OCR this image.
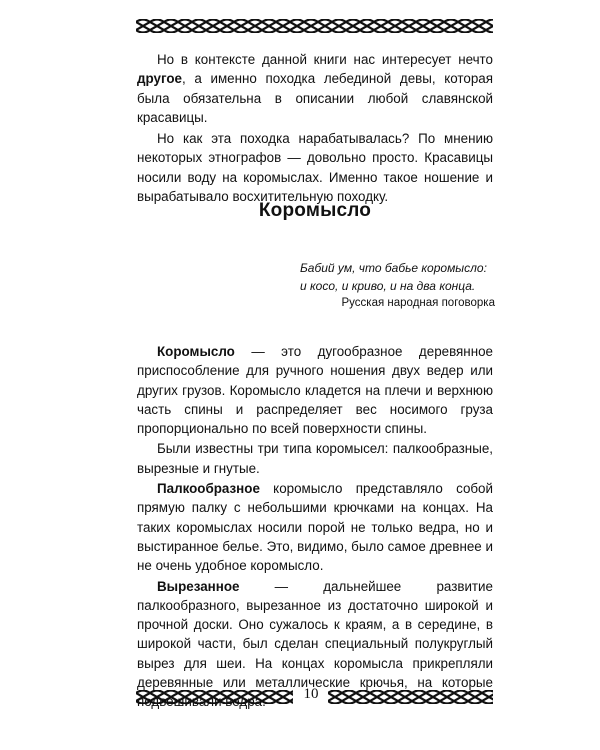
Но в контексте данной книги нас интересует нечто другое, а именно походка лебединой девы, которая была обязательна в описании любой славянской красавицы.

Но как эта походка нарабатывалась? По мнению некоторых этнографов — довольно просто. Красавицы носили воду на коромыслах. Именно такое ношение и вырабатывало восхитительную походку.

Коромысло
Бабий ум, что бабье коромысло:
и косо, и криво, и на два конца.
Русская народная поговорка

Коромысло — это дугообразное деревянное приспособление для ручного ношения двух ведер или других грузов. Коромысло кладется на плечи и верхнюю часть спины и распределяет вес носимого груза пропорционально по всей поверхности спины.

Были известны три типа коромысел: палкообразные, вырезные и гнутые.

Палкообразное коромысло представляло собой прямую палку с небольшими крючками на концах. На таких коромыслах носили порой не только ведра, но и выстиранное белье. Это, видимо, было самое древнее и не очень удобное коромысло.

Вырезанное	— дальнейшее развитие палкообразного, вырезанное из достаточно широкой и прочной доски. Оно сужалось к краям, а в середине, в широкой части, был сделан специальный полукруглый вырез для шеи. На концах коромысла прикрепляли деревянные или металлические крючья, на которые

10
